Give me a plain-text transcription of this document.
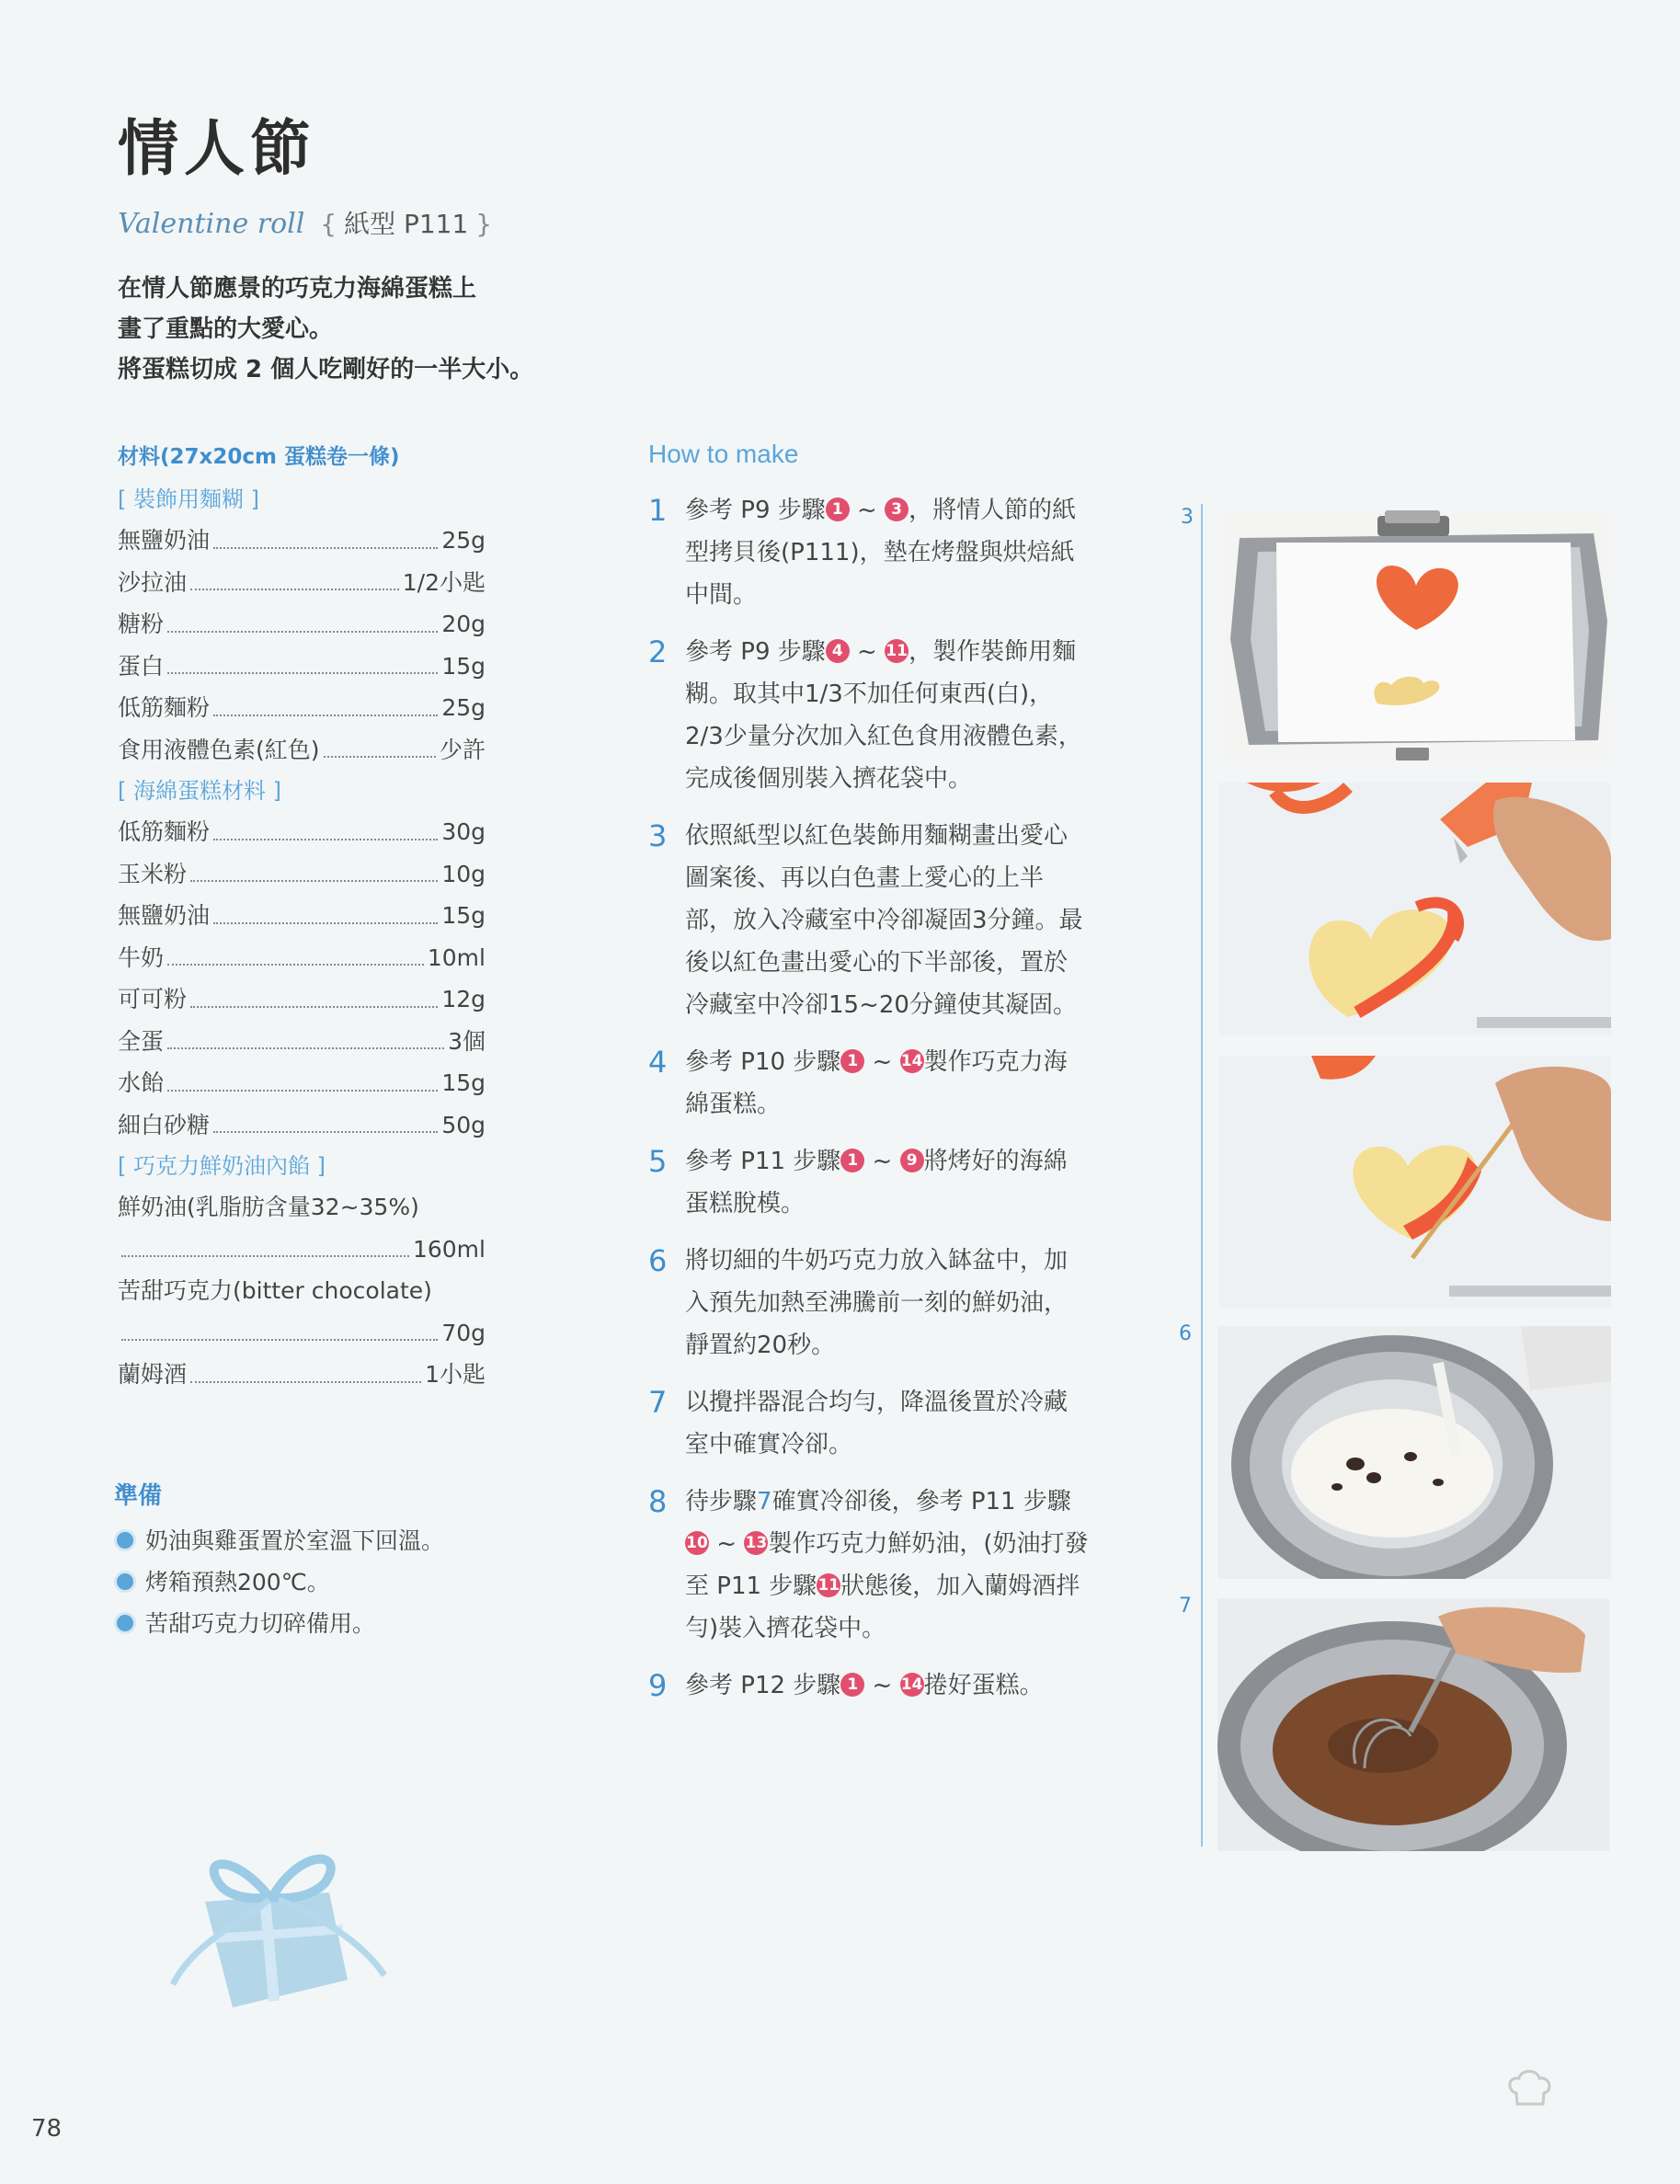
情人節
Valentine roll { 紙型 P111 }
在情人節應景的巧克力海綿蛋糕上
畫了重點的大愛心。
將蛋糕切成 2 個人吃剛好的一半大小。
材料(27x20cm 蛋糕卷一條)
[ 裝飾用麵糊 ]
無鹽奶油	25g
沙拉油	1/2小匙
糖粉	20g
蛋白	15g
低筋麵粉	25g
食用液體色素(紅色)	少許
[ 海綿蛋糕材料 ]
低筋麵粉	30g
玉米粉	10g
無鹽奶油	15g
牛奶	10ml
可可粉	12g
全蛋	3個
水飴	15g
細白砂糖	50g
[ 巧克力鮮奶油內餡 ]
鮮奶油(乳脂肪含量32~35%)
160ml
苦甜巧克力(bitter chocolate)
70g
蘭姆酒	1小匙
準備
奶油與雞蛋置於室溫下回溫。
烤箱預熱200℃。
苦甜巧克力切碎備用。
How to make
1 參考 P9 步驟 1 ~ 3 ，將情人節的紙型拷貝後(P111)，墊在烤盤與烘焙紙中間。
2 參考 P9 步驟 4 ~ 11，製作裝飾用麵糊。取其中1/3不加任何東西(白)，2/3少量分次加入紅色食用液體色素，完成後個別裝入擠花袋中。
3 依照紙型以紅色裝飾用麵糊畫出愛心圖案後、再以白色畫上愛心的上半部，放入冷藏室中冷卻凝固3分鐘。最後以紅色畫出愛心的下半部後，置於冷藏室中冷卻15~20分鐘使其凝固。
4 參考 P10 步驟 1 ~ 14製作巧克力海綿蛋糕。
5 參考 P11 步驟 1 ~ 9 將烤好的海綿蛋糕脫模。
6 將切細的牛奶巧克力放入缽盆中，加入預先加熱至沸騰前一刻的鮮奶油，靜置約20秒。
7 以攪拌器混合均勻，降溫後置於冷藏室中確實冷卻。
8 待步驟7確實冷卻後，參考 P11 步驟10 ~ 13製作巧克力鮮奶油，(奶油打發至 P11 步驟11狀態後，加入蘭姆酒拌勻)裝入擠花袋中。
9 參考 P12 步驟 1 ~ 14捲好蛋糕。
3
6
7
78
